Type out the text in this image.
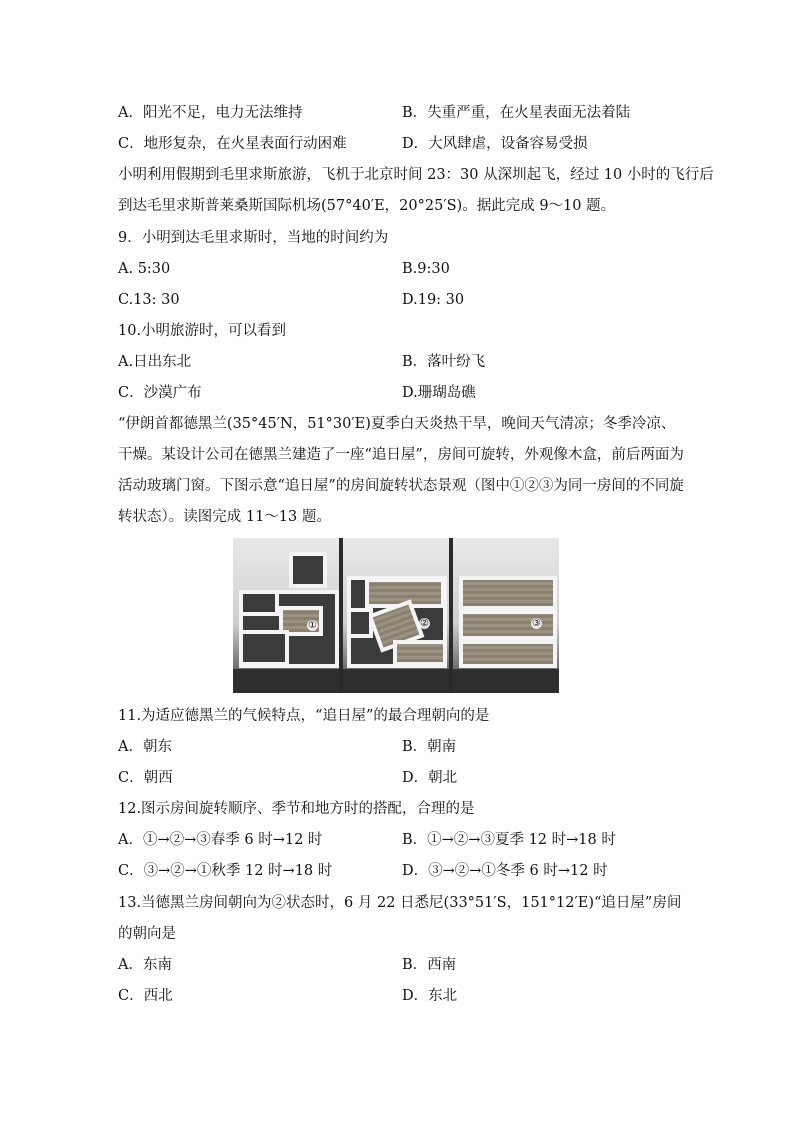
A．阳光不足，电力无法维持	B．失重严重，在火星表面无法着陆
C．地形复杂，在火星表面行动困难	D．大风肆虐，设备容易受损
小明利用假期到毛里求斯旅游，飞机于北京时间 23：30 从深圳起飞，经过 10 小时的飞行后
到达毛里求斯普莱桑斯国际机场(57°40′E，20°25′S)。据此完成 9～10 题。
9．小明到达毛里求斯时，当地的时间约为
A. 5:30	B.9:30
C.13: 30	D.19: 30
10.小明旅游时，可以看到
A.日出东北	B．落叶纷飞
C．沙漠广布	D.珊瑚岛礁
“伊朗首都德黑兰(35°45′N，51°30′E)夏季白天炎热干旱，晚间天气清凉；冬季冷凉、
干燥。某设计公司在德黑兰建造了一座“追日屋”，房间可旋转，外观像木盒，前后两面为
活动玻璃门窗。下图示意“追日屋”的房间旋转状态景观（图中①②③为同一房间的不同旋
转状态）。读图完成 11～13 题。
①	②	③
11.为适应德黑兰的气候特点，“追日屋”的最合理朝向的是
A．朝东	B．朝南
C．朝西	D．朝北
12.图示房间旋转顺序、季节和地方时的搭配，合理的是
A．①→②→③春季 6 时→12 时	B．①→②→③夏季 12 时→18 时
C．③→②→①秋季 12 时→18 时	D．③→②→①冬季 6 时→12 时
13.当德黑兰房间朝向为②状态时，6 月 22 日悉尼(33°51′S，151°12′E)“追日屋”房间
的朝向是
A．东南	B．西南
C．西北	D．东北
